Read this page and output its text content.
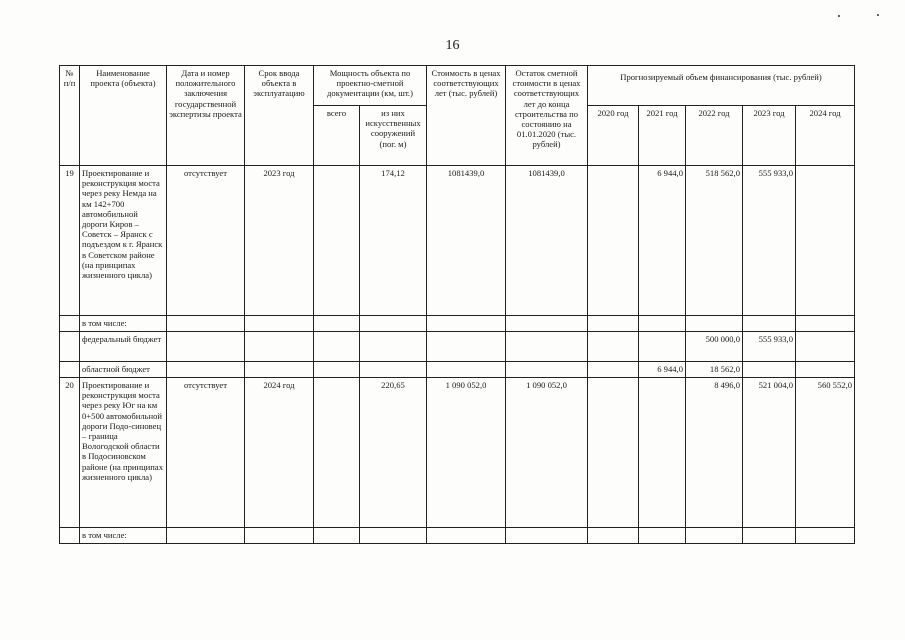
16
№ п/п	Наименование проекта (объекта)	Дата и номер положительного заключения государственной экспертизы проекта	Срок ввода объекта в эксплуатацию	Мощность объекта по проектно-сметной документации (км, шт.)		Стоимость в ценах соответствующих лет (тыс. рублей)	Остаток сметной стоимости в ценах соответствующих лет до конца строительства по состоянию на 01.01.2020 (тыс. рублей)	Прогнозируемый объем финансирования (тыс. рублей)				
				всего	из них искусственных сооружений (пог. м)			2020 год	2021 год	2022 год	2023 год	2024 год
19	Проектирование и реконструкция моста через реку Немда на км 142+700 автомобильной дороги Киров – Советск – Яранск с подъездом к г. Яранск в Советском районе (на принципах жизненного цикла)	отсутствует	2023 год		174,12	1081439,0	1081439,0		6 944,0	518 562,0	555 933,0	
	в том числе:											
	федеральный бюджет									500 000,0	555 933,0	
	областной бюджет								6 944,0	18 562,0		
20	Проектирование и реконструкция моста через реку Юг на км 0+500 автомобильной дороги Подо-синовец – граница Вологодской области в Подосиновском районе (на принципах жизненного цикла)	отсутствует	2024 год		220,65	1 090 052,0	1 090 052,0			8 496,0	521 004,0	560 552,0
	в том числе:											
